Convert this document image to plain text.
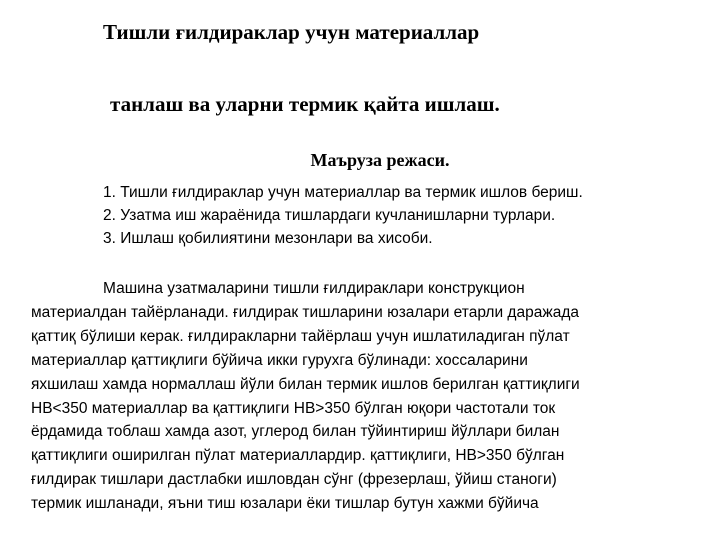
Тишли ғилдираклар учун материаллар
танлаш ва уларни термик қайта ишлаш.
Маъруза режаси.
1. Тишли ғилдираклар учун материаллар ва термик ишлов бериш.
2. Узатма иш жараёнида тишлардаги кучланишларни турлари.
3. Ишлаш қобилиятини мезонлари ва хисоби.

Машина узатмаларини тишли ғилдираклари конструкцион
материалдан тайёрланади. ғилдирак тишларини юзалари етарли даражада
қаттиқ бўлиши керак. ғилдиракларни тайёрлаш учун ишлатиладиган пўлат
материаллар қаттиқлиги бўйича икки гурухга бўлинади: хоссаларини
яхшилаш хамда нормаллаш йўли билан термик ишлов берилган қаттиқлиги
HB<350 материаллар ва қаттиқлиги HB>350 бўлган юқори частотали ток
ёрдамида тоблаш хамда азот, углерод билан тўйинтириш йўллари билан
қаттиқлиги оширилган пўлат материаллардир. қаттиқлиги, HB>350 бўлган
ғилдирак тишлари дастлабки ишловдан сўнг (фрезерлаш, ўйиш станоги)
термик ишланади, яъни тиш юзалари ёки тишлар бутун хажми бўйича
